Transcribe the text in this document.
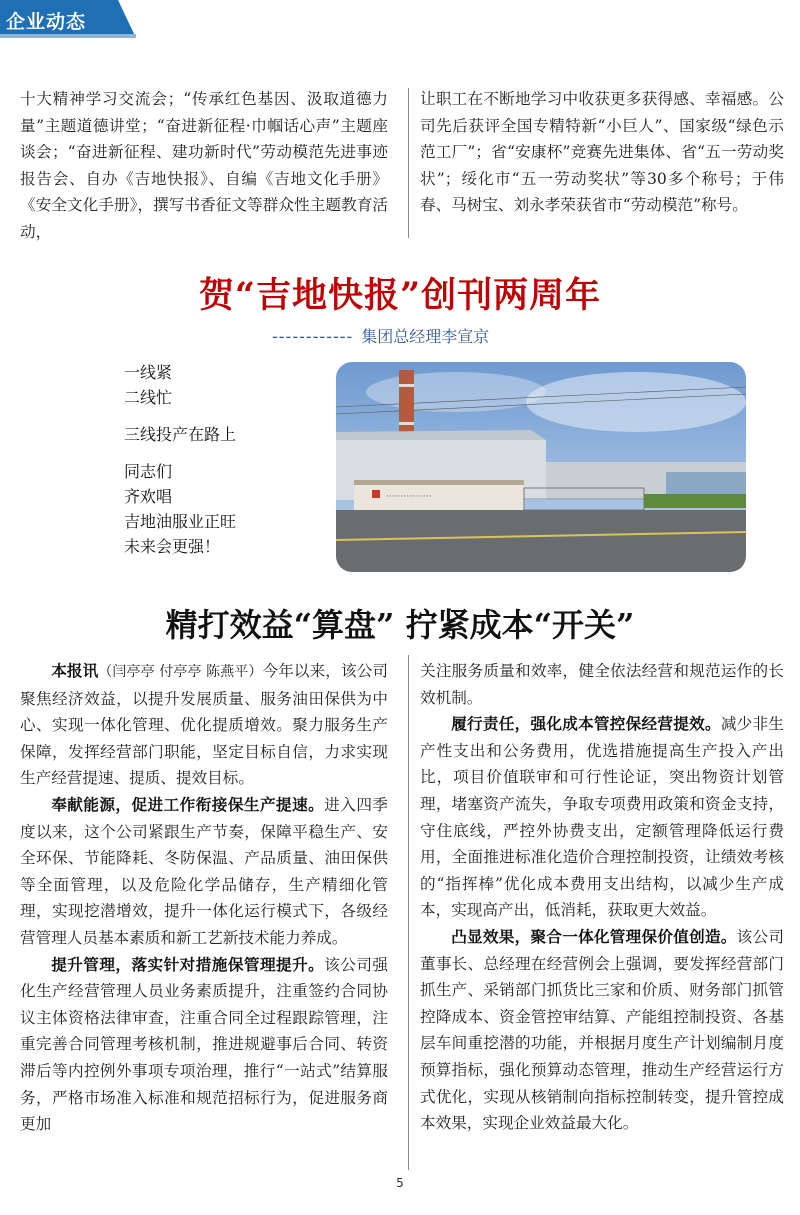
企业动态

十大精神学习交流会；“传承红色基因、汲取道德力量”主题道德讲堂；“奋进新征程·巾帼话心声”主题座谈会；“奋进新征程、建功新时代”劳动模范先进事迹报告会、自办《吉地快报》、自编《吉地文化手册》《安全文化手册》，撰写书香征文等群众性主题教育活动，

让职工在不断地学习中收获更多获得感、幸福感。公司先后获评全国专精特新“小巨人”、国家级“绿色示范工厂”；省“安康杯”竞赛先进集体、省“五一劳动奖状”；绥化市“五一劳动奖状”等30多个称号；于伟春、马树宝、刘永孝荣获省市“劳动模范”称号。

贺“吉地快报”创刊两周年
------------ 集团总经理李宣京
一线紧
二线忙
三线投产在路上
同志们
齐欢唱
吉地油服业正旺
未来会更强！
················
精打效益“算盘” 拧紧成本“开关”

本报讯（闫亭亭 付亭亭 陈燕平）今年以来，该公司聚焦经济效益，以提升发展质量、服务油田保供为中心、实现一体化管理、优化提质增效。聚力服务生产保障，发挥经营部门职能，坚定目标自信，力求实现生产经营提速、提质、提效目标。

奉献能源，促进工作衔接保生产提速。进入四季度以来，这个公司紧跟生产节奏，保障平稳生产、安全环保、节能降耗、冬防保温、产品质量、油田保供等全面管理，以及危险化学品储存，生产精细化管理，实现挖潜增效，提升一体化运行模式下，各级经营管理人员基本素质和新工艺新技术能力养成。

提升管理，落实针对措施保管理提升。该公司强化生产经营管理人员业务素质提升，注重签约合同协议主体资格法律审查，注重合同全过程跟踪管理，注重完善合同管理考核机制，推进规避事后合同、转资滞后等内控例外事项专项治理，推行“一站式”结算服务，严格市场准入标准和规范招标行为，促进服务商更加

关注服务质量和效率，健全依法经营和规范运作的长效机制。

履行责任，强化成本管控保经营提效。减少非生产性支出和公务费用，优选措施提高生产投入产出比，项目价值联审和可行性论证，突出物资计划管理，堵塞资产流失，争取专项费用政策和资金支持，守住底线，严控外协费支出，定额管理降低运行费用，全面推进标准化造价合理控制投资，让绩效考核的“指挥棒”优化成本费用支出结构，以减少生产成本，实现高产出，低消耗，获取更大效益。

凸显效果，聚合一体化管理保价值创造。该公司董事长、总经理在经营例会上强调，要发挥经营部门抓生产、采销部门抓货比三家和价质、财务部门抓管控降成本、资金管控审结算、产能组控制投资、各基层车间重挖潜的功能，并根据月度生产计划编制月度预算指标，强化预算动态管理，推动生产经营运行方式优化，实现从核销制向指标控制转变，提升管控成本效果，实现企业效益最大化。

5
